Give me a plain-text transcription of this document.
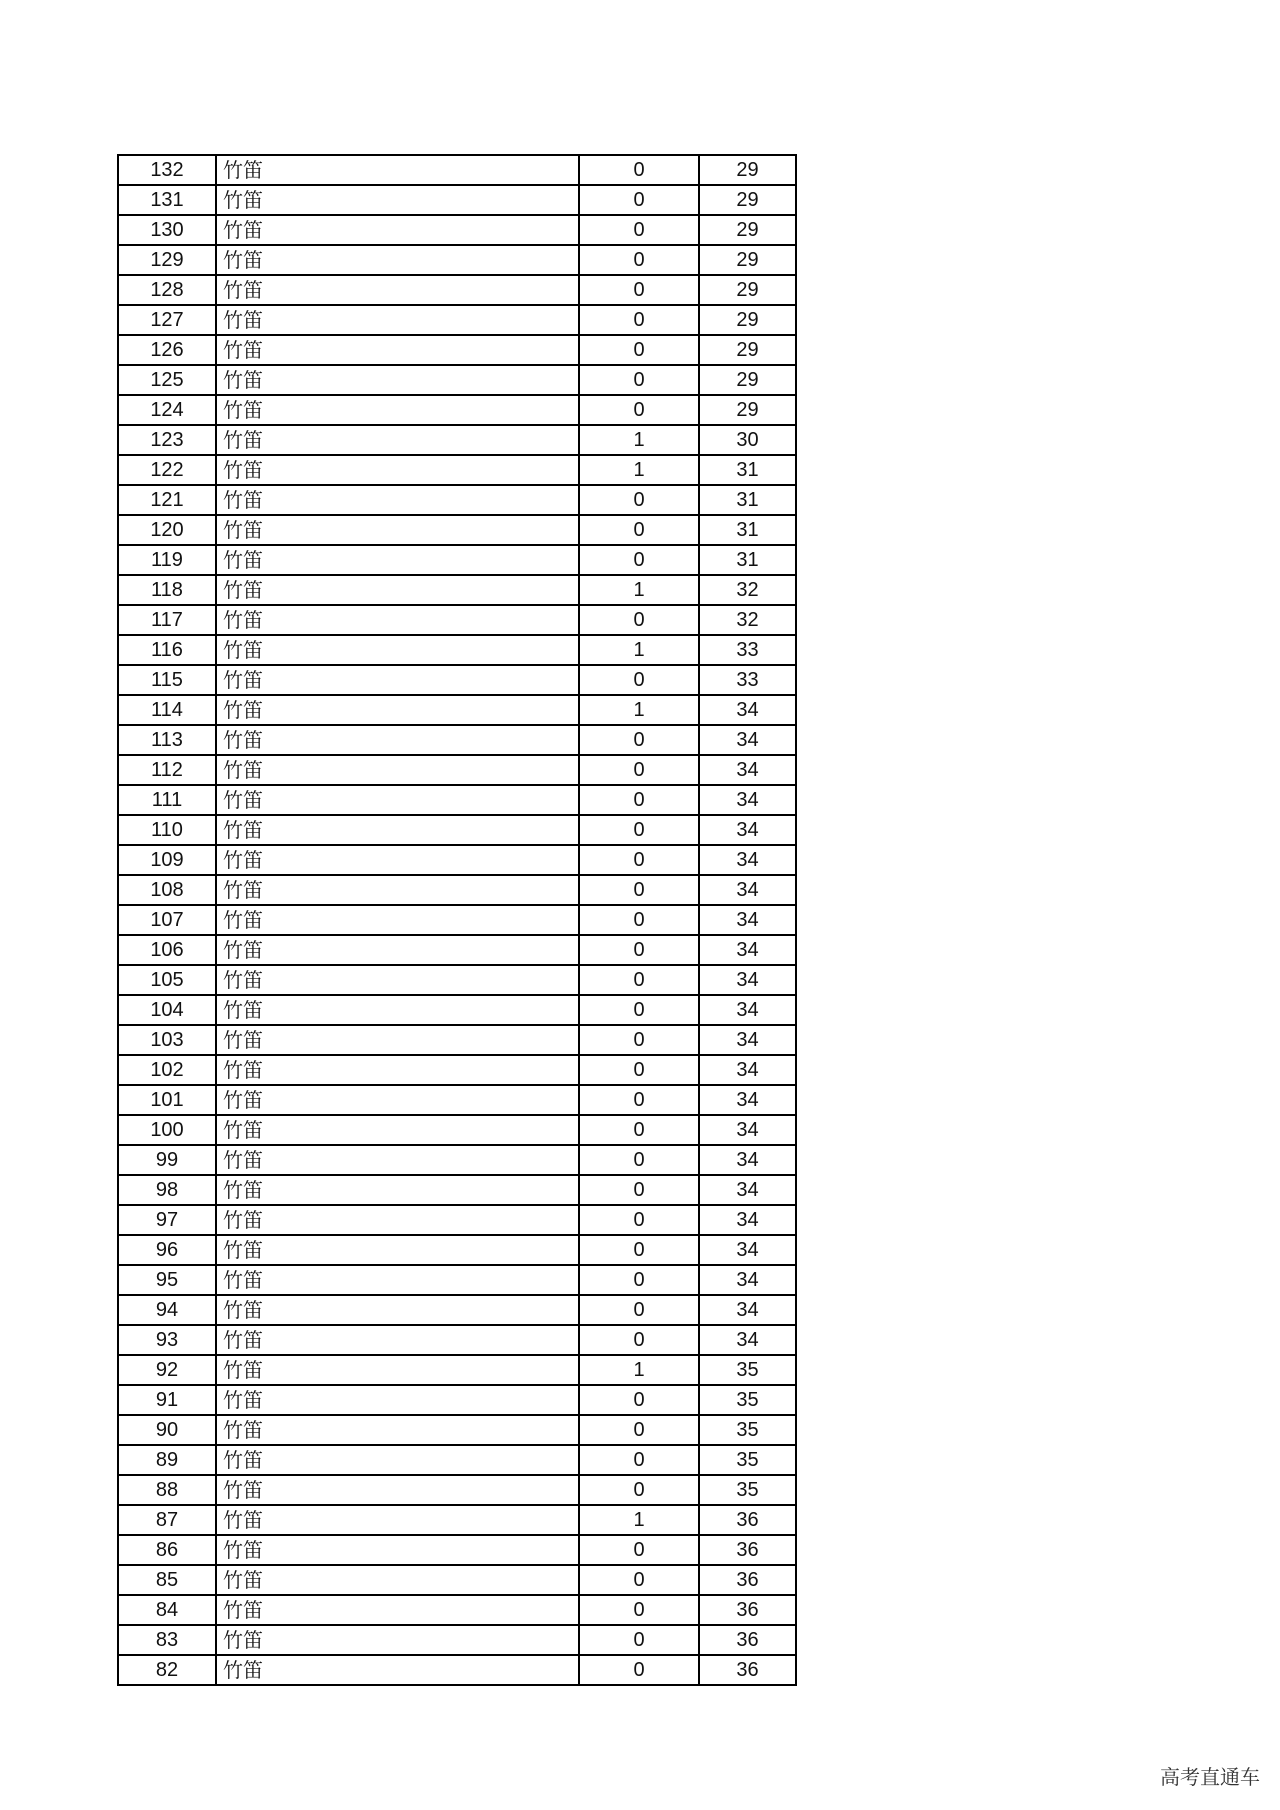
132	竹笛	0	29
131	竹笛	0	29
130	竹笛	0	29
129	竹笛	0	29
128	竹笛	0	29
127	竹笛	0	29
126	竹笛	0	29
125	竹笛	0	29
124	竹笛	0	29
123	竹笛	1	30
122	竹笛	1	31
121	竹笛	0	31
120	竹笛	0	31
119	竹笛	0	31
118	竹笛	1	32
117	竹笛	0	32
116	竹笛	1	33
115	竹笛	0	33
114	竹笛	1	34
113	竹笛	0	34
112	竹笛	0	34
111	竹笛	0	34
110	竹笛	0	34
109	竹笛	0	34
108	竹笛	0	34
107	竹笛	0	34
106	竹笛	0	34
105	竹笛	0	34
104	竹笛	0	34
103	竹笛	0	34
102	竹笛	0	34
101	竹笛	0	34
100	竹笛	0	34
99	竹笛	0	34
98	竹笛	0	34
97	竹笛	0	34
96	竹笛	0	34
95	竹笛	0	34
94	竹笛	0	34
93	竹笛	0	34
92	竹笛	1	35
91	竹笛	0	35
90	竹笛	0	35
89	竹笛	0	35
88	竹笛	0	35
87	竹笛	1	36
86	竹笛	0	36
85	竹笛	0	36
84	竹笛	0	36
83	竹笛	0	36
82	竹笛	0	36
高考直通车
